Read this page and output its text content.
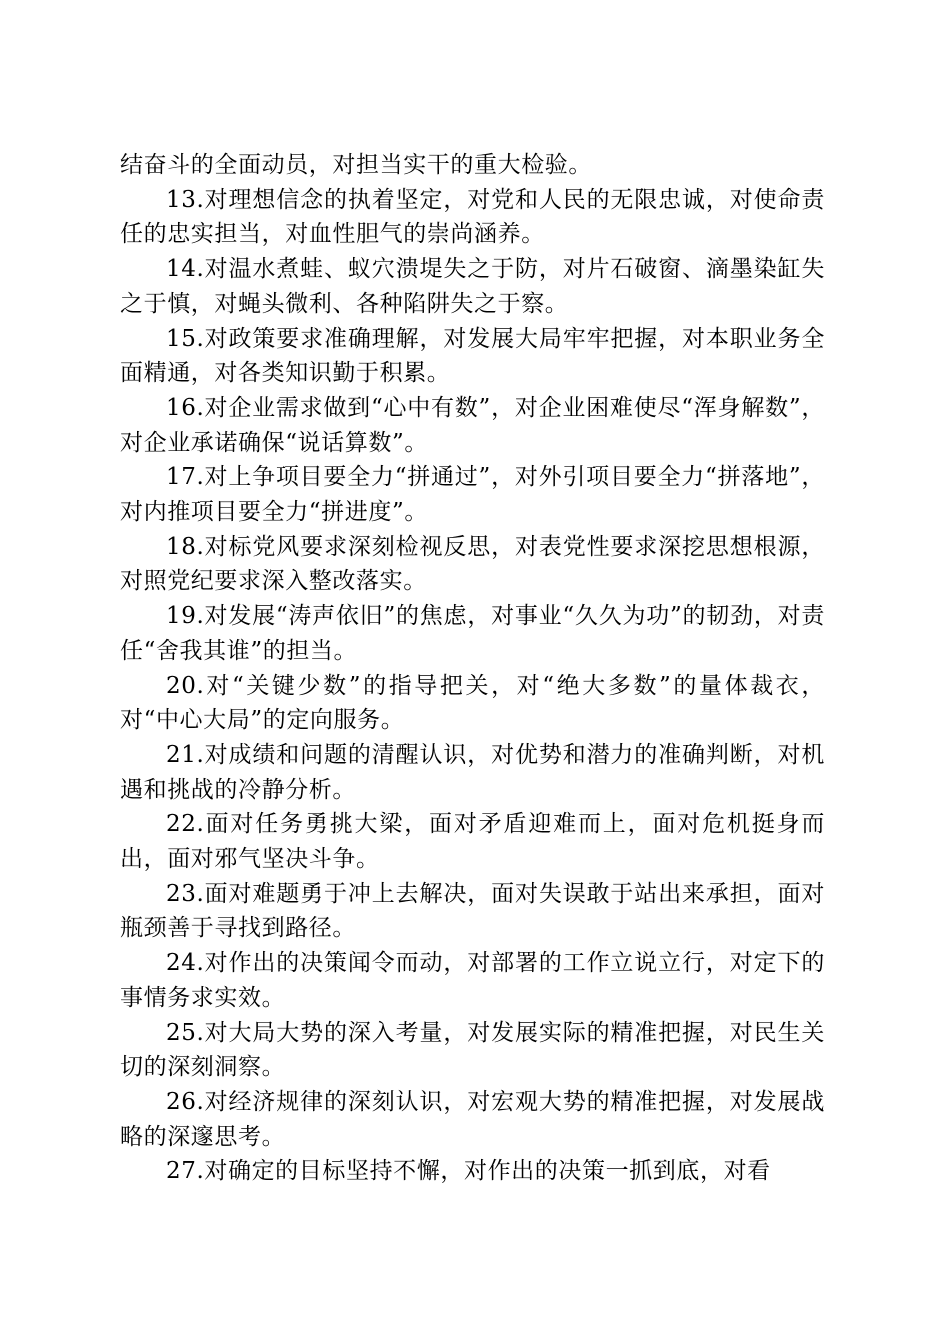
结奋斗的全面动员，对担当实干的重大检验。

13.对理想信念的执着坚定，对党和人民的无限忠诚，对使命责任的忠实担当，对血性胆气的崇尚涵养。

14.对温水煮蛙、蚁穴溃堤失之于防，对片石破窗、滴墨染缸失之于慎，对蝇头微利、各种陷阱失之于察。

15.对政策要求准确理解，对发展大局牢牢把握，对本职业务全面精通，对各类知识勤于积累。

16.对企业需求做到“心中有数”，对企业困难使尽“浑身解数”，对企业承诺确保“说话算数”。

17.对上争项目要全力“拼通过”，对外引项目要全力“拼落地”，对内推项目要全力“拼进度”。

18.对标党风要求深刻检视反思，对表党性要求深挖思想根源，对照党纪要求深入整改落实。

19.对发展“涛声依旧”的焦虑，对事业“久久为功”的韧劲，对责任“舍我其谁”的担当。

20.对“关键少数”的指导把关，对“绝大多数”的量体裁衣，对“中心大局”的定向服务。

21.对成绩和问题的清醒认识，对优势和潜力的准确判断，对机遇和挑战的冷静分析。

22.面对任务勇挑大梁，面对矛盾迎难而上，面对危机挺身而出，面对邪气坚决斗争。

23.面对难题勇于冲上去解决，面对失误敢于站出来承担，面对瓶颈善于寻找到路径。

24.对作出的决策闻令而动，对部署的工作立说立行，对定下的事情务求实效。

25.对大局大势的深入考量，对发展实际的精准把握，对民生关切的深刻洞察。

26.对经济规律的深刻认识，对宏观大势的精准把握，对发展战略的深邃思考。

27.对确定的目标坚持不懈，对作出的决策一抓到底，对看
